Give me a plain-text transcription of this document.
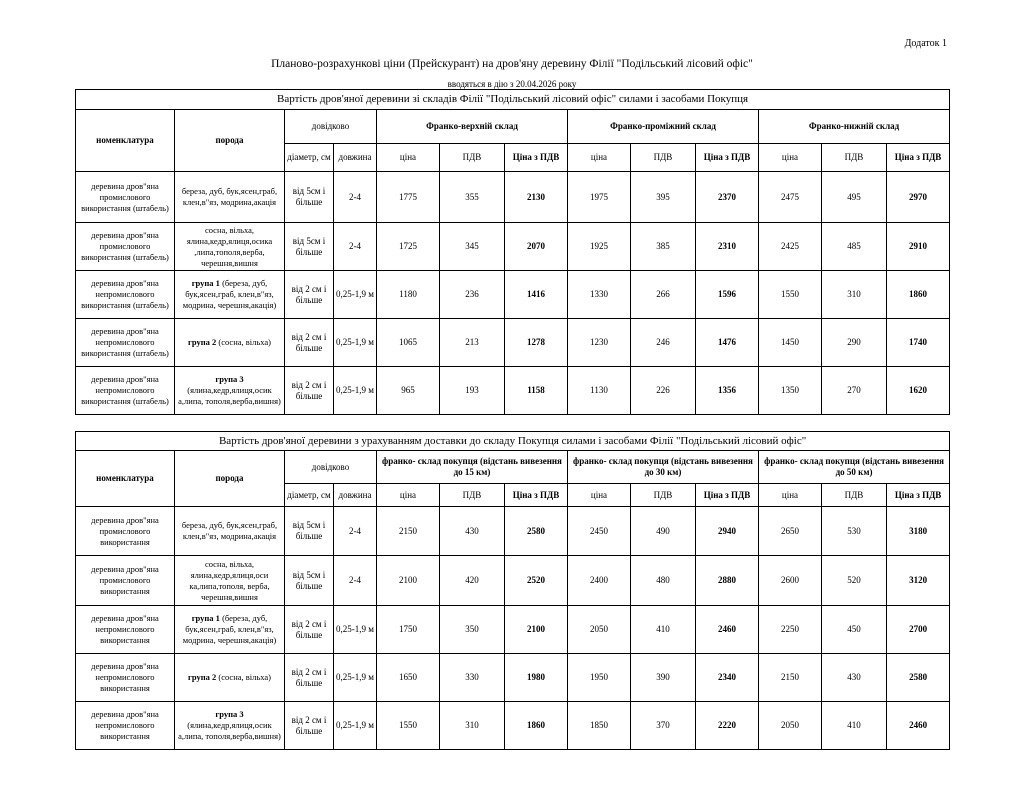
Додаток 1
Планово-розрахункові ціни (Прейскурант) на дров'яну деревину Філії "Подільський лісовий офіс"
вводяться в дію з 20.04.2026 року
Вартість дров'яної деревини зі складів Філії "Подільський лісовий офіс" силами і засобами Покупця												
номенклатура	порода	довідково		Франко-верхній склад			Франко-проміжний склад			Франко-нижній склад		
		діаметр, см	довжина	ціна	ПДВ	Ціна з ПДВ	ціна	ПДВ	Ціна з ПДВ	ціна	ПДВ	Ціна з ПДВ
деревина дров"яна промислового використання (штабель)	береза, дуб, бук,ясен,граб, клен,в"яз, модрина,акація	від 5см і більше	2-4	1775	355	2130	1975	395	2370	2475	495	2970
деревина дров"яна промислового використання (штабель)	сосна, вільха, ялина,кедр,ялиця,осика ,липа,тополя,верба, черешня,вишня	від 5см і більше	2-4	1725	345	2070	1925	385	2310	2425	485	2910
деревина дров"яна непромислового використання (штабель)	група 1 (береза, дуб, бук,ясен,граб, клен,в"яз, модрина, черешня,акація)	від 2 см і більше	0,25-1,9 м	1180	236	1416	1330	266	1596	1550	310	1860
деревина дров"яна непромислового використання (штабель)	група 2 (сосна, вільха)	від 2 см і більше	0,25-1,9 м	1065	213	1278	1230	246	1476	1450	290	1740
деревина дров"яна непромислового використання (штабель)	група 3
(ялина,кедр,ялиця,осик а,липа, тополя,верба,вишня)	від 2 см і більше	0,25-1,9 м	965	193	1158	1130	226	1356	1350	270	1620
Вартість дров'яної деревини з урахуванням доставки до складу Покупця силами і засобами Філії "Подільський лісовий офіс"												
номенклатура	порода	довідково		франко- склад покупця (відстань вивезення до 15 км)			франко- склад покупця (відстань вивезення до 30 км)			франко- склад покупця (відстань вивезення до 50 км)		
		діаметр, см	довжина	ціна	ПДВ	Ціна з ПДВ	ціна	ПДВ	Ціна з ПДВ	ціна	ПДВ	Ціна з ПДВ
деревина дров"яна промислового використання	береза, дуб, бук,ясен,граб, клен,в"яз, модрина,акація	від 5см і більше	2-4	2150	430	2580	2450	490	2940	2650	530	3180
деревина дров"яна промислового використання	сосна, вільха, ялина,кедр,ялиця,оси ка,липа,тополя, верба, черешня,вишня	від 5см і більше	2-4	2100	420	2520	2400	480	2880	2600	520	3120
деревина дров"яна непромислового використання	група 1 (береза, дуб, бук,ясен,граб, клен,в"яз, модрина, черешня,акація)	від 2 см і більше	0,25-1,9 м	1750	350	2100	2050	410	2460	2250	450	2700
деревина дров"яна непромислового використання	група 2 (сосна, вільха)	від 2 см і більше	0,25-1,9 м	1650	330	1980	1950	390	2340	2150	430	2580
деревина дров"яна непромислового використання	група 3
(ялина,кедр,ялиця,осик а,липа, тополя,верба,вишня)	від 2 см і більше	0,25-1,9 м	1550	310	1860	1850	370	2220	2050	410	2460
